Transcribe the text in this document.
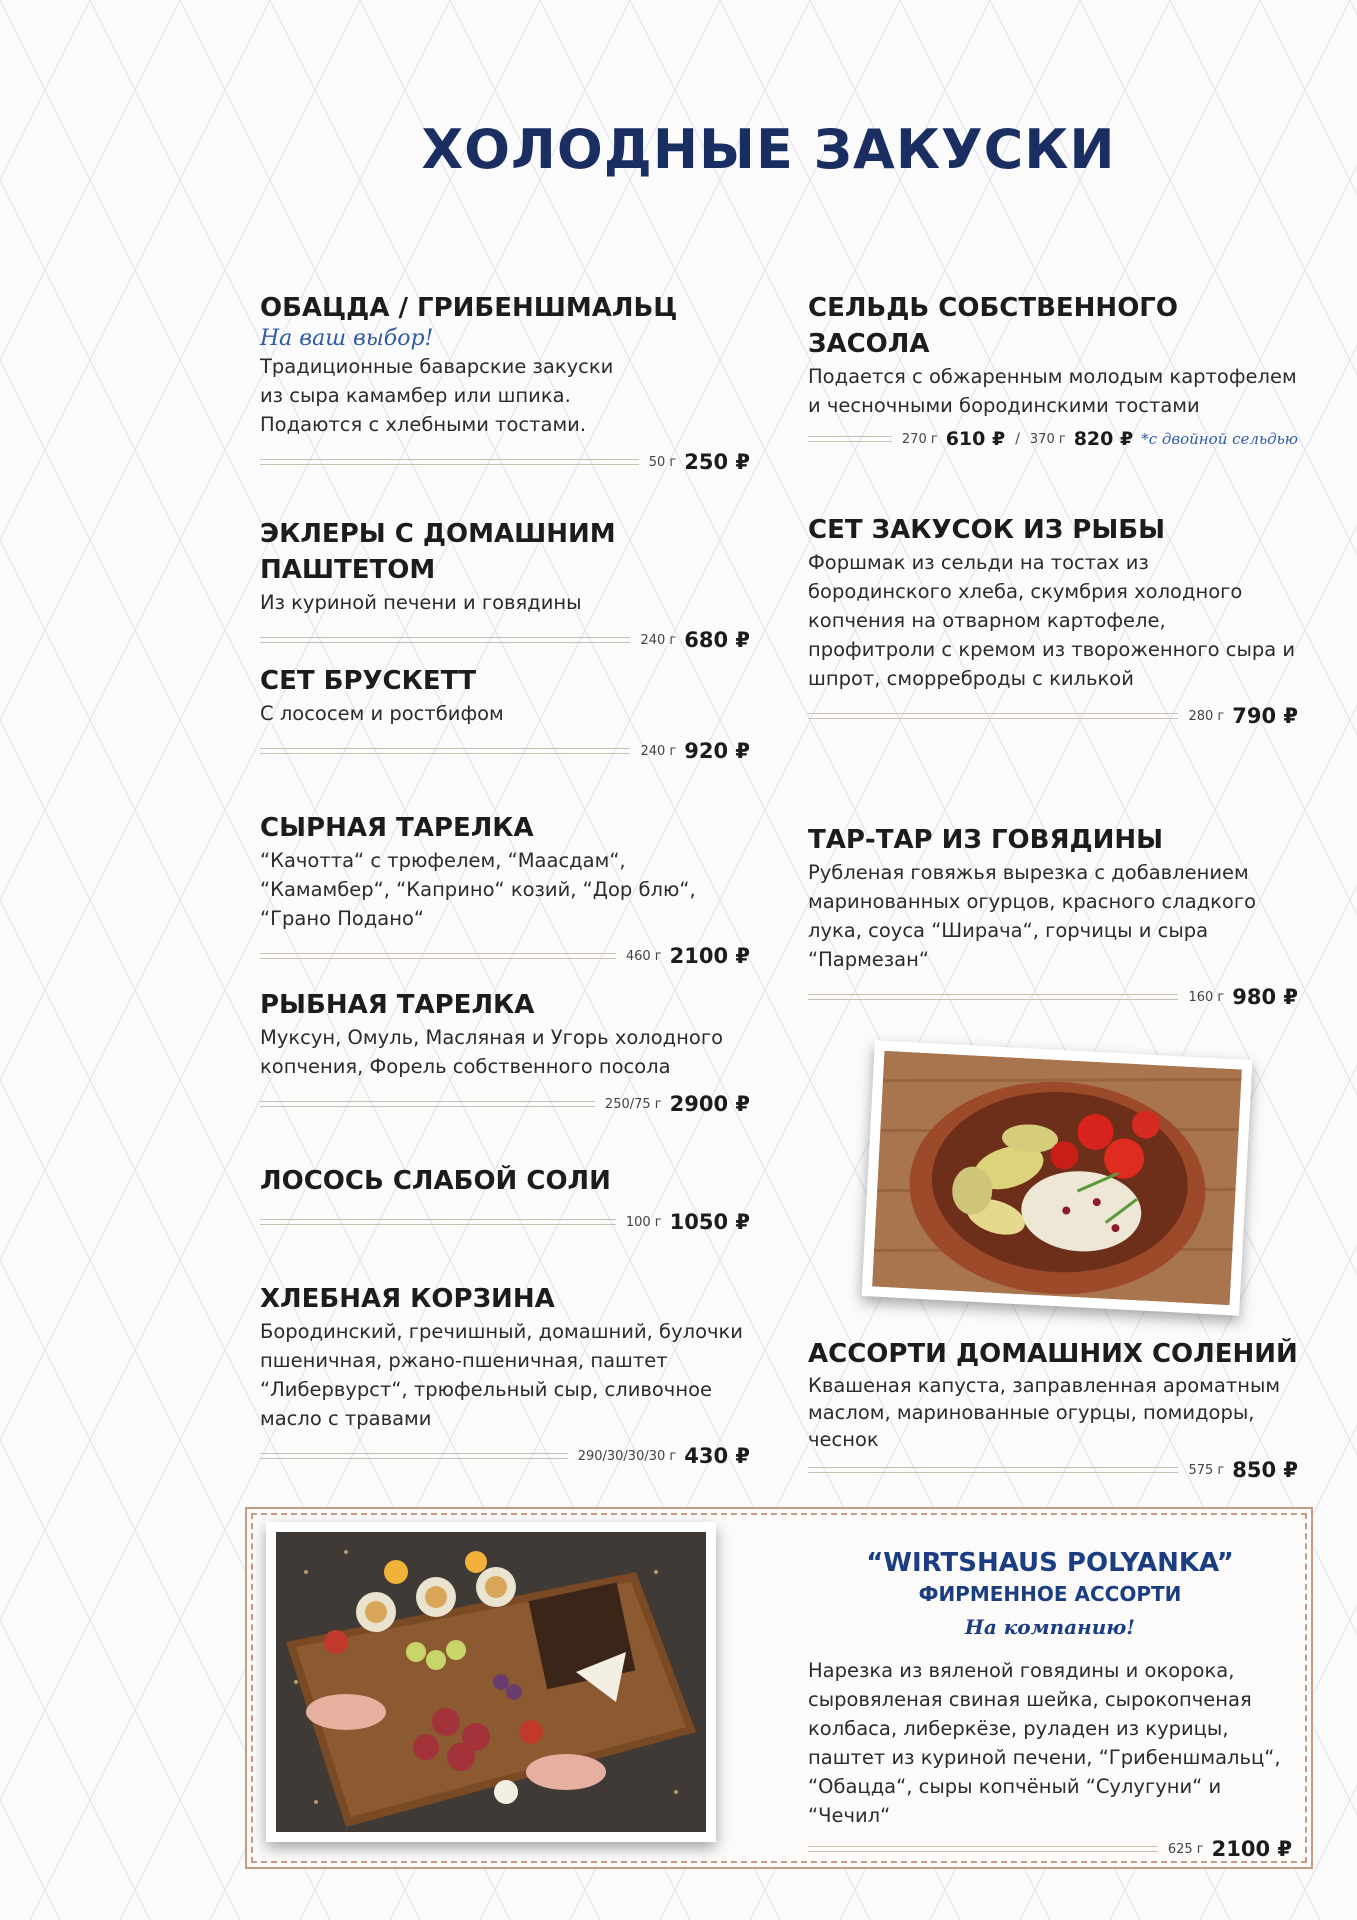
ХОЛОДНЫЕ ЗАКУСКИ
ОБАЦДА / ГРИБЕНШМАЛЬЦ
На ваш выбор!
Традиционные баварские закуски из сыра камамбер или шпика. Подаются с хлебными тостами.
50 г 250 ₽
ЭКЛЕРЫ С ДОМАШНИМ ПАШТЕТОМ
Из куриной печени и говядины
240 г 680 ₽
СЕТ БРУСКЕТТ
С лососем и ростбифом
240 г 920 ₽
СЫРНАЯ ТАРЕЛКА
“Качотта“ с трюфелем, “Маасдам“, “Камамбер“, “Каприно“ козий, “Дор блю“, “Грано Подано“
460 г 2100 ₽
РЫБНАЯ ТАРЕЛКА
Муксун, Омуль, Масляная и Угорь холодного копчения, Форель собственного посола
250/75 г 2900 ₽
ЛОСОСЬ СЛАБОЙ СОЛИ
100 г 1050 ₽
ХЛЕБНАЯ КОРЗИНА
Бородинский, гречишный, домашний, булочки пшеничная, ржано-пшеничная, паштет “Либервурст“, трюфельный сыр, сливочное масло с травами
290/30/30/30 г 430 ₽
СЕЛЬДЬ СОБСТВЕННОГО ЗАСОЛА
Подается с обжаренным молодым картофелем и чесночными бородинскими тостами
270 г 610 ₽ / 370 г 820 ₽ *с двойной сельдью
СЕТ ЗАКУСОК ИЗ РЫБЫ
Форшмак из сельди на тостах из бородинского хлеба, скумбрия холодного копчения на отварном картофеле, профитроли с кремом из твороженного сыра и шпрот, сморреброды с килькой
280 г 790 ₽
ТАР-ТАР ИЗ ГОВЯДИНЫ
Рубленая говяжья вырезка с добавлением маринованных огурцов, красного сладкого лука, соуса “Ширача“, горчицы и сыра “Пармезан“
160 г 980 ₽
АССОРТИ ДОМАШНИХ СОЛЕНИЙ
Квашеная капуста, заправленная ароматным маслом, маринованные огурцы, помидоры, чеснок
575 г 850 ₽
“WIRTSHAUS POLYANKA”
ФИРМЕННОЕ АССОРТИ
На компанию!
Нарезка из вяленой говядины и окорока, сыровяленая свиная шейка, сырокопченая колбаса, либеркёзе, руладен из курицы, паштет из куриной печени, “Грибеншмальц“, “Обацда“, сыры копчёный “Сулугуни“ и “Чечил“
625 г 2100 ₽
